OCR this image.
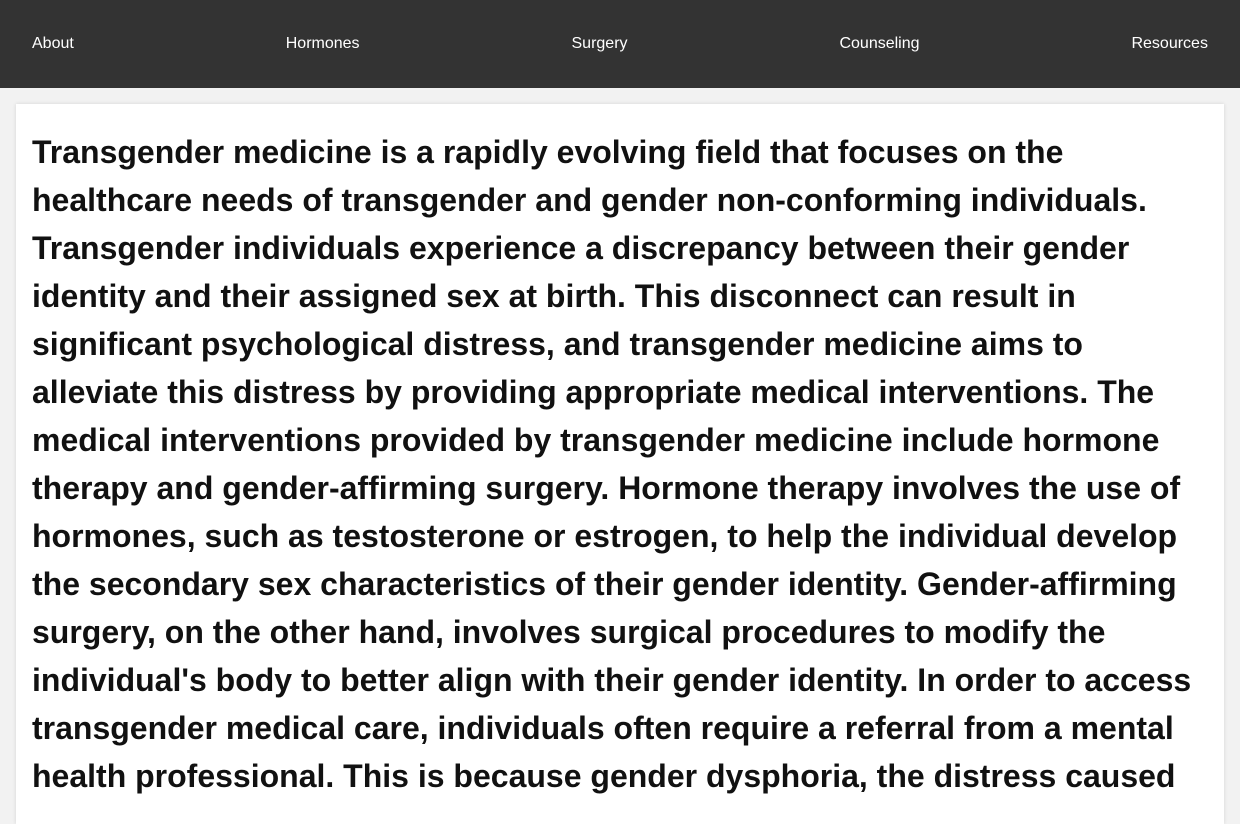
About	Hormones	Surgery	Counseling	Resources

Transgender medicine is a rapidly evolving field that focuses on the healthcare needs of transgender and gender non-conforming individuals. Transgender individuals experience a discrepancy between their gender identity and their assigned sex at birth. This disconnect can result in significant psychological distress, and transgender medicine aims to alleviate this distress by providing appropriate medical interventions. The medical interventions provided by transgender medicine include hormone therapy and gender-affirming surgery. Hormone therapy involves the use of hormones, such as testosterone or estrogen, to help the individual develop the secondary sex characteristics of their gender identity. Gender-affirming surgery, on the other hand, involves surgical procedures to modify the individual's body to better align with their gender identity. In order to access transgender medical care, individuals often require a referral from a mental health professional. This is because gender dysphoria, the distress caused
